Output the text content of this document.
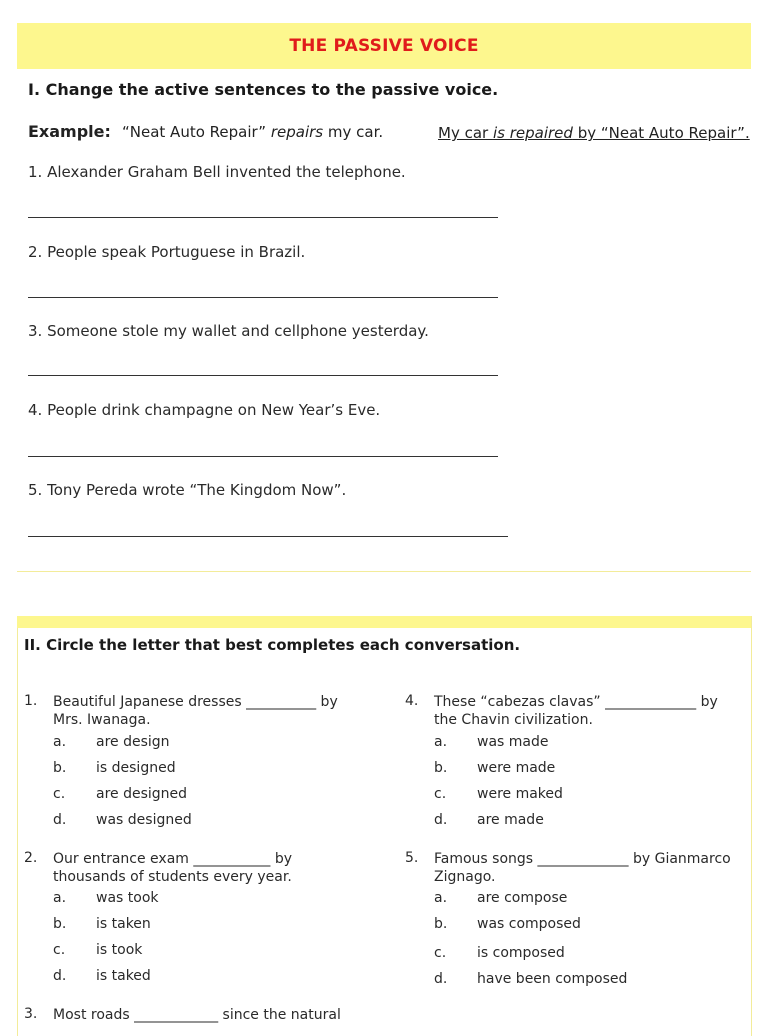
THE PASSIVE VOICE
I. Change the active sentences to the passive voice.
Example: “Neat Auto Repair” repairs my car.	My car is repaired by “Neat Auto Repair”.
1. Alexander Graham Bell invented the telephone.
2. People speak Portuguese in Brazil.
3. Someone stole my wallet and cellphone yesterday.
4. People drink champagne on New Year’s Eve.
5. Tony Pereda wrote “The Kingdom Now”.
II. Circle the letter that best completes each conversation.
1. Beautiful Japanese dresses __________ by Mrs. Iwanaga.
a. are design
b. is designed
c. are designed
d. was designed
2. Our entrance exam ___________ by thousands of students every year.
a. was took
b. is taken
c. is took
d. is taked
3. Most roads ____________ since the natural
4. These “cabezas clavas” _____________ by the Chavin civilization.
a. was made
b. were made
c. were maked
d. are made
5. Famous songs _____________ by Gianmarco Zignago.
a. are compose
b. was composed
c. is composed
d. have been composed
